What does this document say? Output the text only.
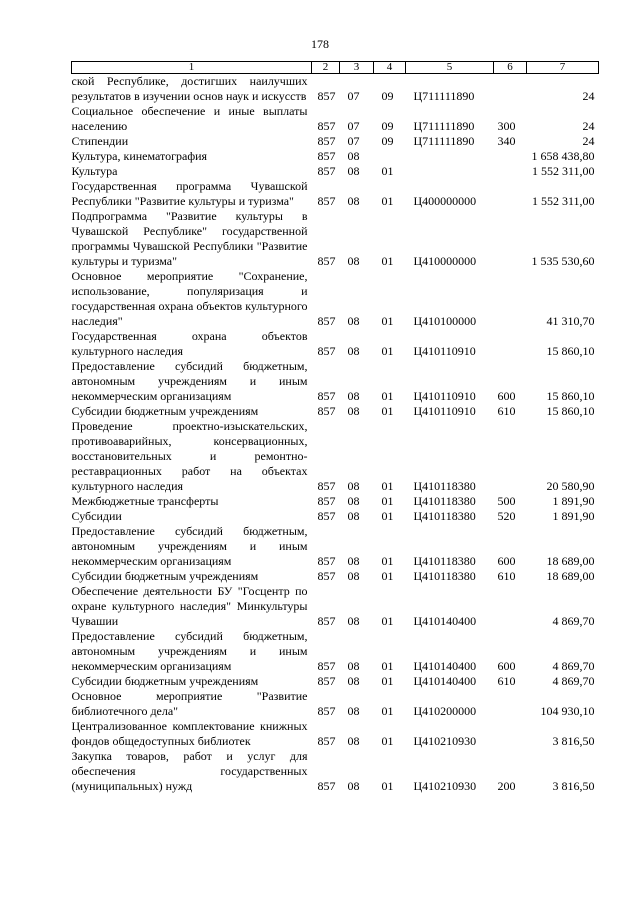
178
1	2	3	4	5	6	7
ской Республике, достигших наилучших результатов в изучении основ наук и искусств	857	07	09	Ц711111890		24
Социальное обеспечение и иные выплаты населению	857	07	09	Ц711111890	300	24
Стипендии	857	07	09	Ц711111890	340	24
Культура, кинематография	857	08				1 658 438,80
Культура	857	08	01			1 552 311,00
Государственная программа Чувашской Республики "Развитие культуры и туризма"	857	08	01	Ц400000000		1 552 311,00
Подпрограмма "Развитие культуры в Чувашской Республике" государственной программы Чувашской Республики "Развитие культуры и туризма"	857	08	01	Ц410000000		1 535 530,60
Основное мероприятие "Сохранение, использование, популяризация и государственная охрана объектов культурного наследия"	857	08	01	Ц410100000		41 310,70
Государственная охрана объектов культурного наследия	857	08	01	Ц410110910		15 860,10
Предоставление субсидий бюджетным, автономным учреждениям и иным некоммерческим организациям	857	08	01	Ц410110910	600	15 860,10
Субсидии бюджетным учреждениям	857	08	01	Ц410110910	610	15 860,10
Проведение проектно-изыскательских, противоаварийных, консервационных, восстановительных и ремонтно-реставрационных работ на объектах культурного наследия	857	08	01	Ц410118380		20 580,90
Межбюджетные трансферты	857	08	01	Ц410118380	500	1 891,90
Субсидии	857	08	01	Ц410118380	520	1 891,90
Предоставление субсидий бюджетным, автономным учреждениям и иным некоммерческим организациям	857	08	01	Ц410118380	600	18 689,00
Субсидии бюджетным учреждениям	857	08	01	Ц410118380	610	18 689,00
Обеспечение деятельности БУ "Госцентр по охране культурного наследия" Минкультуры Чувашии	857	08	01	Ц410140400		4 869,70
Предоставление субсидий бюджетным, автономным учреждениям и иным некоммерческим организациям	857	08	01	Ц410140400	600	4 869,70
Субсидии бюджетным учреждениям	857	08	01	Ц410140400	610	4 869,70
Основное мероприятие "Развитие библиотечного дела"	857	08	01	Ц410200000		104 930,10
Централизованное комплектование книжных фондов общедоступных библиотек	857	08	01	Ц410210930		3 816,50
Закупка товаров, работ и услуг для обеспечения государственных (муниципальных) нужд	857	08	01	Ц410210930	200	3 816,50
